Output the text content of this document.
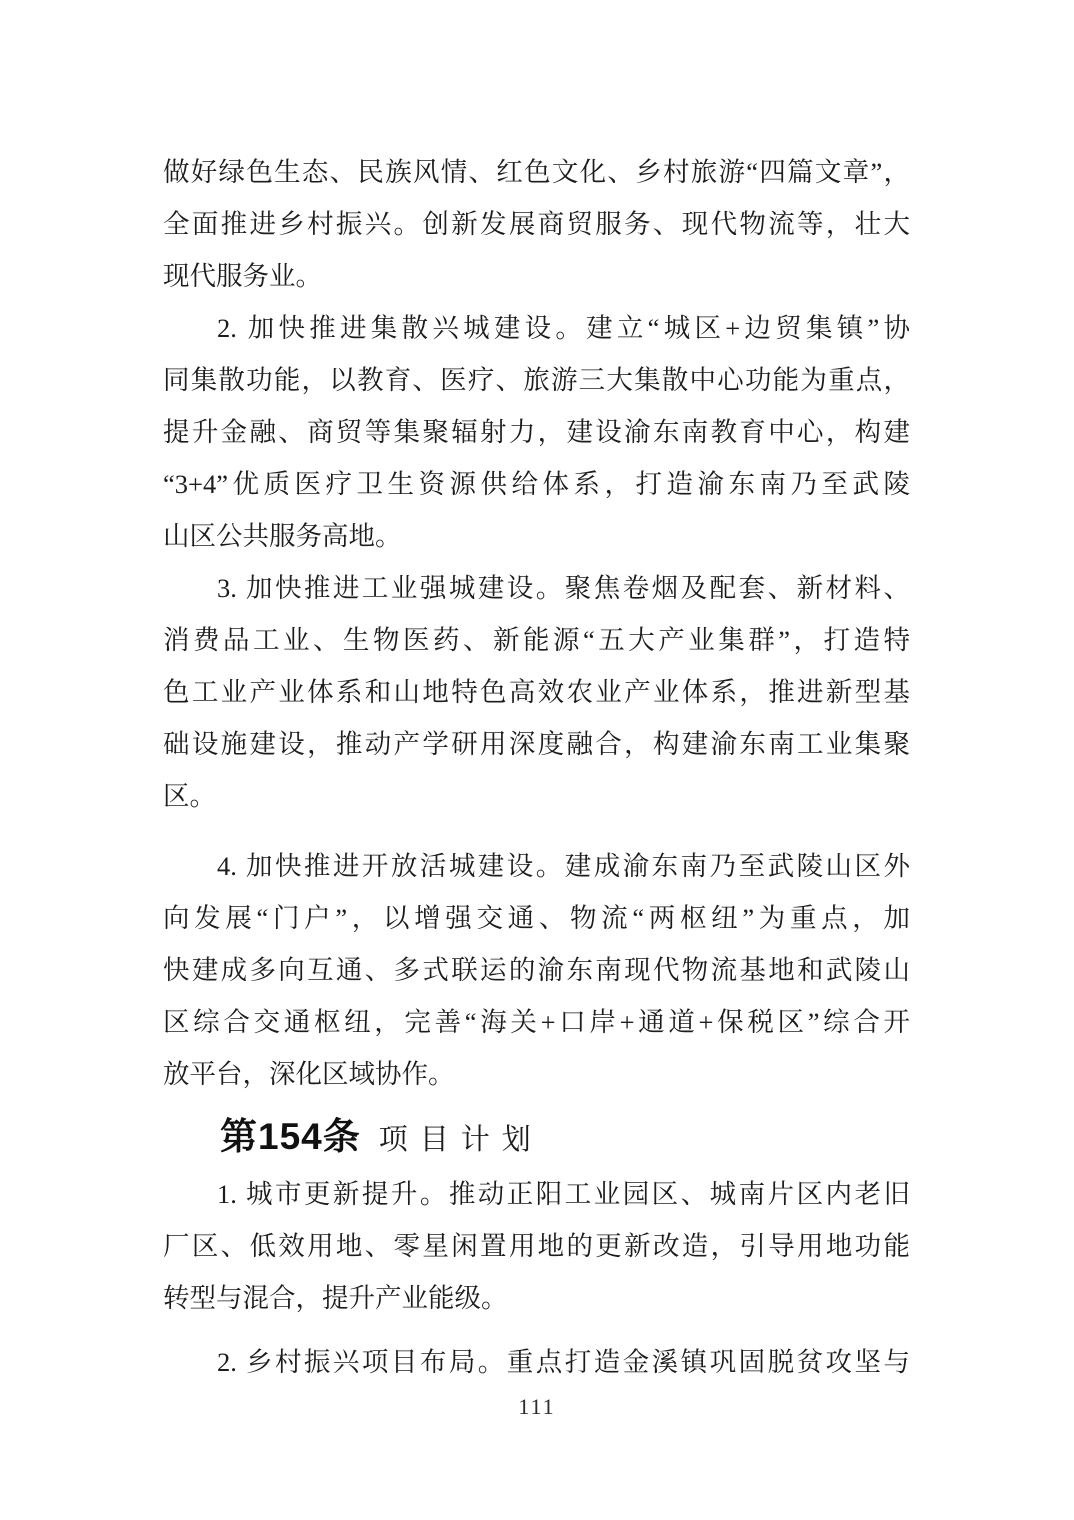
做好绿色生态、民族风情、红色文化、乡村旅游“四篇文章”，
全面推进乡村振兴。创新发展商贸服务、现代物流等，壮大
现代服务业。
2. 加快推进集散兴城建设。建立“城区+边贸集镇”协
同集散功能，以教育、医疗、旅游三大集散中心功能为重点，
提升金融、商贸等集聚辐射力，建设渝东南教育中心，构建
“3+4”优质医疗卫生资源供给体系，打造渝东南乃至武陵
山区公共服务高地。
3. 加快推进工业强城建设。聚焦卷烟及配套、新材料、
消费品工业、生物医药、新能源“五大产业集群”，打造特
色工业产业体系和山地特色高效农业产业体系，推进新型基
础设施建设，推动产学研用深度融合，构建渝东南工业集聚
区。
4. 加快推进开放活城建设。建成渝东南乃至武陵山区外
向发展“门户”，以增强交通、物流“两枢纽”为重点，加
快建成多向互通、多式联运的渝东南现代物流基地和武陵山
区综合交通枢纽，完善“海关+口岸+通道+保税区”综合开
放平台，深化区域协作。
第154条 项目计划
1. 城市更新提升。推动正阳工业园区、城南片区内老旧
厂区、低效用地、零星闲置用地的更新改造，引导用地功能
转型与混合，提升产业能级。
2. 乡村振兴项目布局。重点打造金溪镇巩固脱贫攻坚与
111
